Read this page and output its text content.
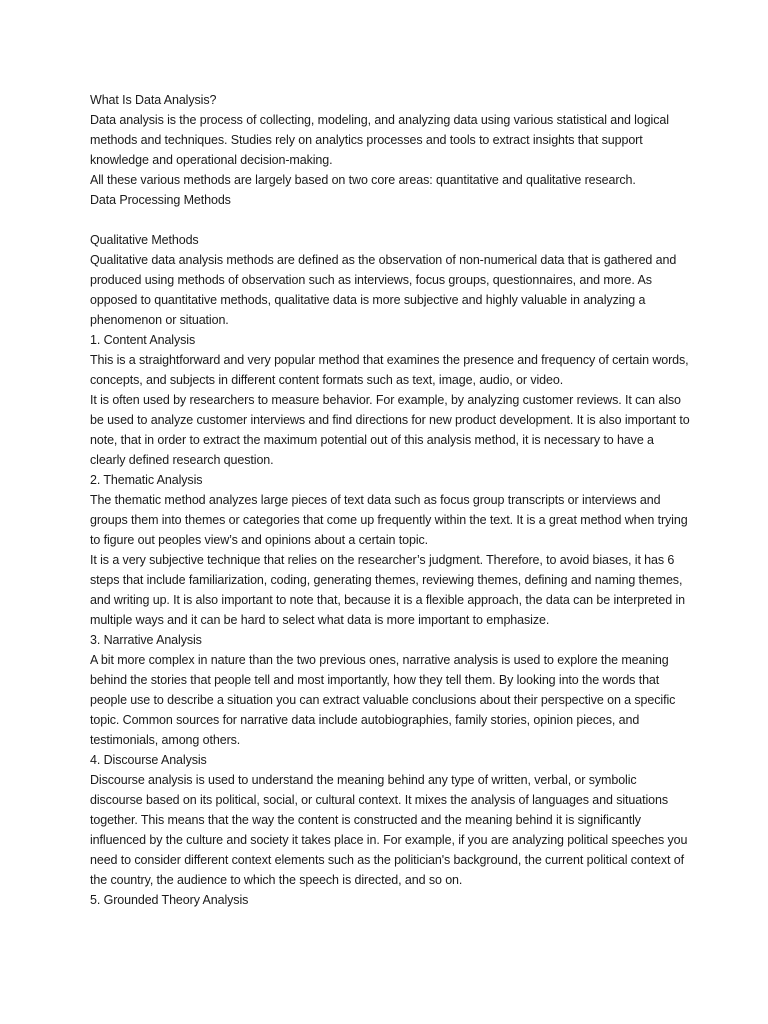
What Is Data Analysis?

Data analysis is the process of collecting, modeling, and analyzing data using various statistical and logical methods and techniques. Studies rely on analytics processes and tools to extract insights that support knowledge and operational decision-making.

All these various methods are largely based on two core areas: quantitative and qualitative research.

Data Processing Methods

Qualitative Methods

Qualitative data analysis methods are defined as the observation of non-numerical data that is gathered and produced using methods of observation such as interviews, focus groups, questionnaires, and more. As opposed to quantitative methods, qualitative data is more subjective and highly valuable in analyzing a phenomenon or situation.

1. Content Analysis

This is a straightforward and very popular method that examines the presence and frequency of certain words, concepts, and subjects in different content formats such as text, image, audio, or video.

It is often used by researchers to measure behavior. For example, by analyzing customer reviews. It can also be used to analyze customer interviews and find directions for new product development. It is also important to note, that in order to extract the maximum potential out of this analysis method, it is necessary to have a clearly defined research question.

2. Thematic Analysis

The thematic method analyzes large pieces of text data such as focus group transcripts or interviews and groups them into themes or categories that come up frequently within the text. It is a great method when trying to figure out peoples view’s and opinions about a certain topic.

It is a very subjective technique that relies on the researcher’s judgment. Therefore, to avoid biases, it has 6 steps that include familiarization, coding, generating themes, reviewing themes, defining and naming themes, and writing up. It is also important to note that, because it is a flexible approach, the data can be interpreted in multiple ways and it can be hard to select what data is more important to emphasize.

3. Narrative Analysis

A bit more complex in nature than the two previous ones, narrative analysis is used to explore the meaning behind the stories that people tell and most importantly, how they tell them. By looking into the words that people use to describe a situation you can extract valuable conclusions about their perspective on a specific topic. Common sources for narrative data include autobiographies, family stories, opinion pieces, and testimonials, among others.

4. Discourse Analysis

Discourse analysis is used to understand the meaning behind any type of written, verbal, or symbolic discourse based on its political, social, or cultural context. It mixes the analysis of languages and situations together. This means that the way the content is constructed and the meaning behind it is significantly influenced by the culture and society it takes place in. For example, if you are analyzing political speeches you need to consider different context elements such as the politician's background, the current political context of the country, the audience to which the speech is directed, and so on.

5. Grounded Theory Analysis
